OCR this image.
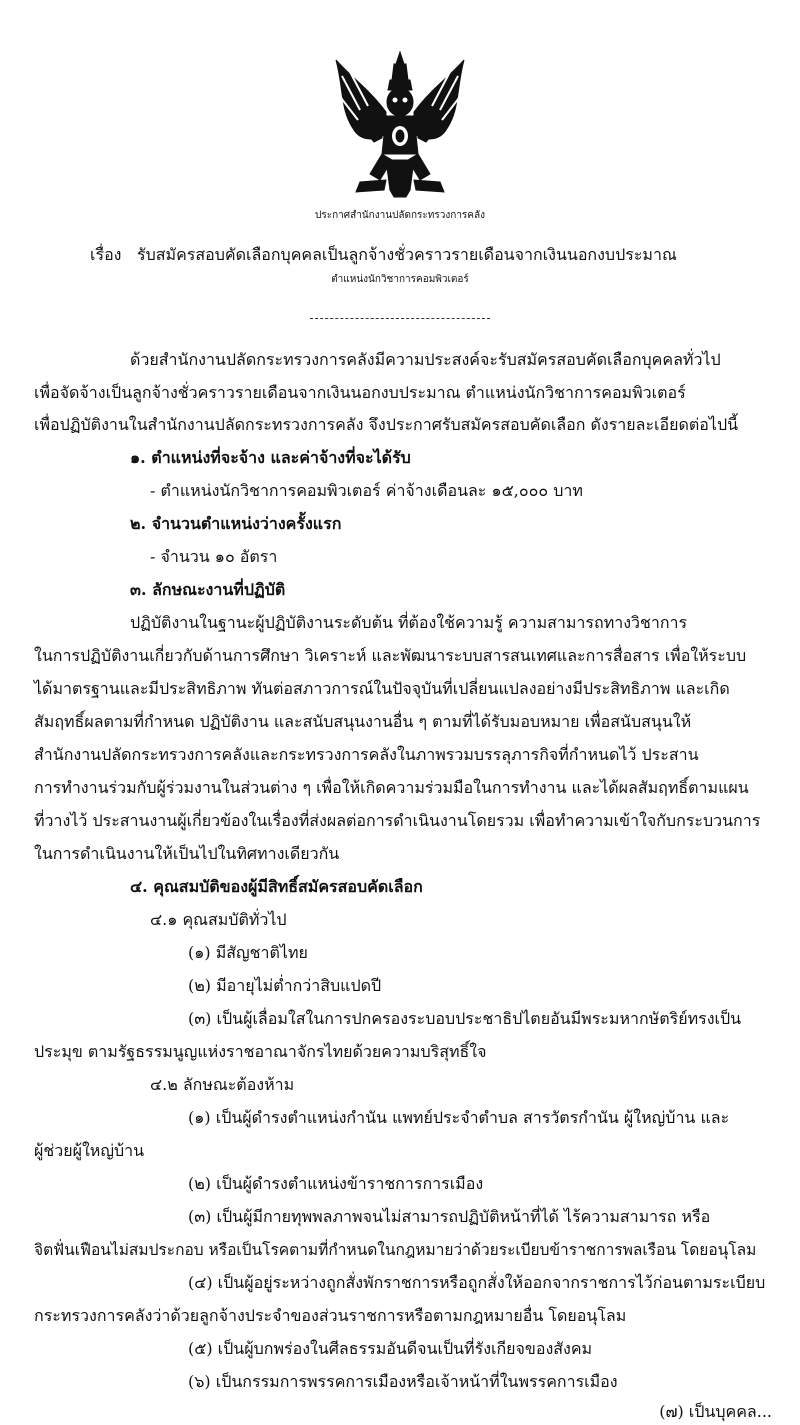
ประกาศสำนักงานปลัดกระทรวงการคลัง
เรื่อง รับสมัครสอบคัดเลือกบุคคลเป็นลูกจ้างชั่วคราวรายเดือนจากเงินนอกงบประมาณ
ตำแหน่งนักวิชาการคอมพิวเตอร์
ด้วยสำนักงานปลัดกระทรวงการคลังมีความประสงค์จะรับสมัครสอบคัดเลือกบุคคลทั่วไป
เพื่อจัดจ้างเป็นลูกจ้างชั่วคราวรายเดือนจากเงินนอกงบประมาณ ตำแหน่งนักวิชาการคอมพิวเตอร์
เพื่อปฏิบัติงานในสำนักงานปลัดกระทรวงการคลัง จึงประกาศรับสมัครสอบคัดเลือก ดังรายละเอียดต่อไปนี้
๑. ตำแหน่งที่จะจ้าง และค่าจ้างที่จะได้รับ
- ตำแหน่งนักวิชาการคอมพิวเตอร์ ค่าจ้างเดือนละ ๑๕,๐๐๐ บาท
๒. จำนวนตำแหน่งว่างครั้งแรก
- จำนวน ๑๐ อัตรา
๓. ลักษณะงานที่ปฏิบัติ
ปฏิบัติงานในฐานะผู้ปฏิบัติงานระดับต้น ที่ต้องใช้ความรู้ ความสามารถทางวิชาการ
ในการปฏิบัติงานเกี่ยวกับด้านการศึกษา วิเคราะห์ และพัฒนาระบบสารสนเทศและการสื่อสาร เพื่อให้ระบบ
ได้มาตรฐานและมีประสิทธิภาพ ทันต่อสภาวการณ์ในปัจจุบันที่เปลี่ยนแปลงอย่างมีประสิทธิภาพ และเกิด
สัมฤทธิ์ผลตามที่กำหนด ปฏิบัติงาน และสนับสนุนงานอื่น ๆ ตามที่ได้รับมอบหมาย เพื่อสนับสนุนให้
สำนักงานปลัดกระทรวงการคลังและกระทรวงการคลังในภาพรวมบรรลุภารกิจที่กำหนดไว้ ประสาน
การทำงานร่วมกับผู้ร่วมงานในส่วนต่าง ๆ เพื่อให้เกิดความร่วมมือในการทำงาน และได้ผลสัมฤทธิ์ตามแผน
ที่วางไว้ ประสานงานผู้เกี่ยวข้องในเรื่องที่ส่งผลต่อการดำเนินงานโดยรวม เพื่อทำความเข้าใจกับกระบวนการ
ในการดำเนินงานให้เป็นไปในทิศทางเดียวกัน
๔. คุณสมบัติของผู้มีสิทธิ์สมัครสอบคัดเลือก
๔.๑ คุณสมบัติทั่วไป
(๑) มีสัญชาติไทย
(๒) มีอายุไม่ต่ำกว่าสิบแปดปี
(๓) เป็นผู้เลื่อมใสในการปกครองระบอบประชาธิปไตยอันมีพระมหากษัตริย์ทรงเป็น
ประมุข ตามรัฐธรรมนูญแห่งราชอาณาจักรไทยด้วยความบริสุทธิ์ใจ
๔.๒ ลักษณะต้องห้าม
(๑) เป็นผู้ดำรงตำแหน่งกำนัน แพทย์ประจำตำบล สารวัตรกำนัน ผู้ใหญ่บ้าน และ
ผู้ช่วยผู้ใหญ่บ้าน
(๒) เป็นผู้ดำรงตำแหน่งข้าราชการการเมือง
(๓) เป็นผู้มีกายทุพพลภาพจนไม่สามารถปฏิบัติหน้าที่ได้ ไร้ความสามารถ หรือ
จิตฟั่นเฟือนไม่สมประกอบ หรือเป็นโรคตามที่กำหนดในกฎหมายว่าด้วยระเบียบข้าราชการพลเรือน โดยอนุโลม
(๔) เป็นผู้อยู่ระหว่างถูกสั่งพักราชการหรือถูกสั่งให้ออกจากราชการไว้ก่อนตามระเบียบ
กระทรวงการคลังว่าด้วยลูกจ้างประจำของส่วนราชการหรือตามกฎหมายอื่น โดยอนุโลม
(๕) เป็นผู้บกพร่องในศีลธรรมอันดีจนเป็นที่รังเกียจของสังคม
(๖) เป็นกรรมการพรรคการเมืองหรือเจ้าหน้าที่ในพรรคการเมือง
(๗) เป็นบุคคล...
